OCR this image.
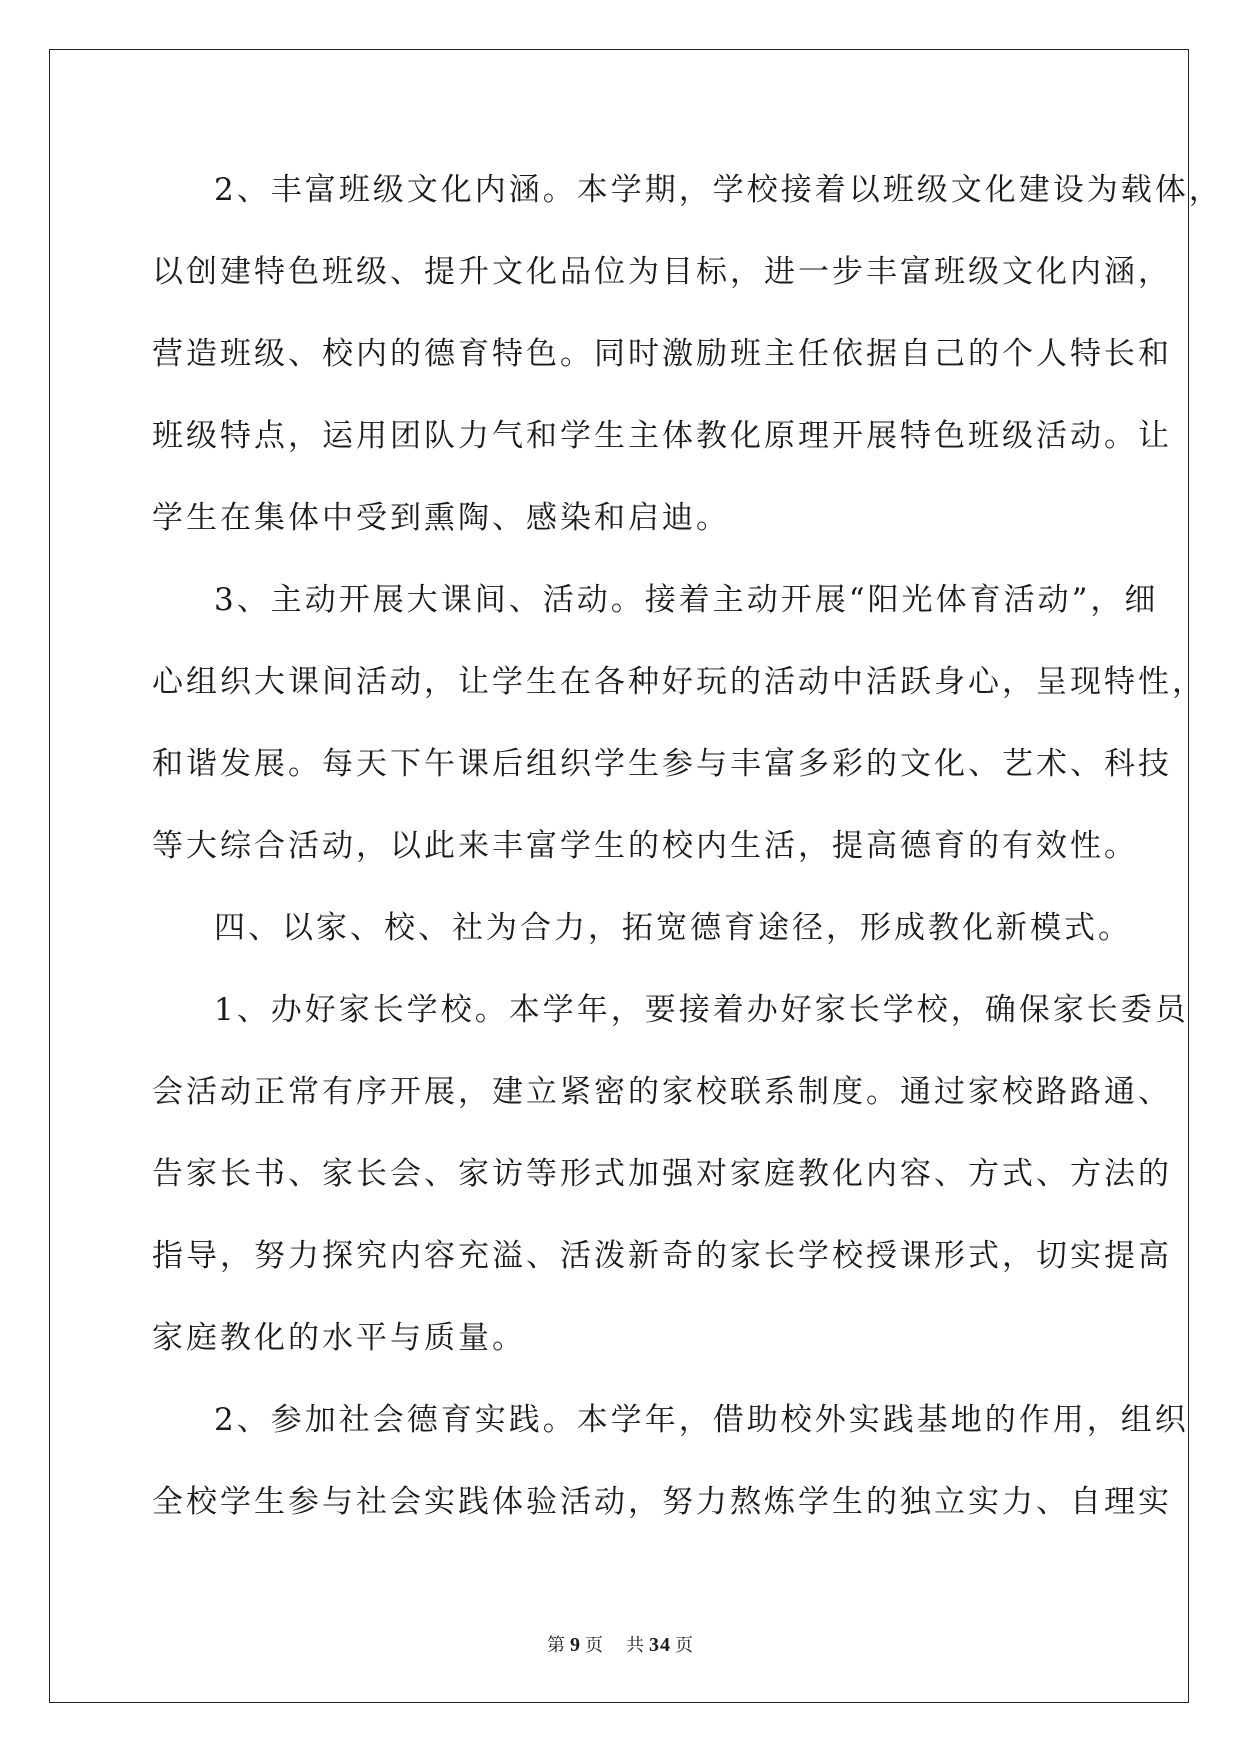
2、丰富班级文化内涵。本学期，学校接着以班级文化建设为载体，
以创建特色班级、提升文化品位为目标，进一步丰富班级文化内涵，
营造班级、校内的德育特色。同时激励班主任依据自己的个人特长和
班级特点，运用团队力气和学生主体教化原理开展特色班级活动。让
学生在集体中受到熏陶、感染和启迪。
3、主动开展大课间、活动。接着主动开展“阳光体育活动”，细
心组织大课间活动，让学生在各种好玩的活动中活跃身心，呈现特性，
和谐发展。每天下午课后组织学生参与丰富多彩的文化、艺术、科技
等大综合活动，以此来丰富学生的校内生活，提高德育的有效性。
四、以家、校、社为合力，拓宽德育途径，形成教化新模式。
1、办好家长学校。本学年，要接着办好家长学校，确保家长委员
会活动正常有序开展，建立紧密的家校联系制度。通过家校路路通、
告家长书、家长会、家访等形式加强对家庭教化内容、方式、方法的
指导，努力探究内容充溢、活泼新奇的家长学校授课形式，切实提高
家庭教化的水平与质量。
2、参加社会德育实践。本学年，借助校外实践基地的作用，组织
全校学生参与社会实践体验活动，努力熬炼学生的独立实力、自理实
第 9 页 共 34 页
